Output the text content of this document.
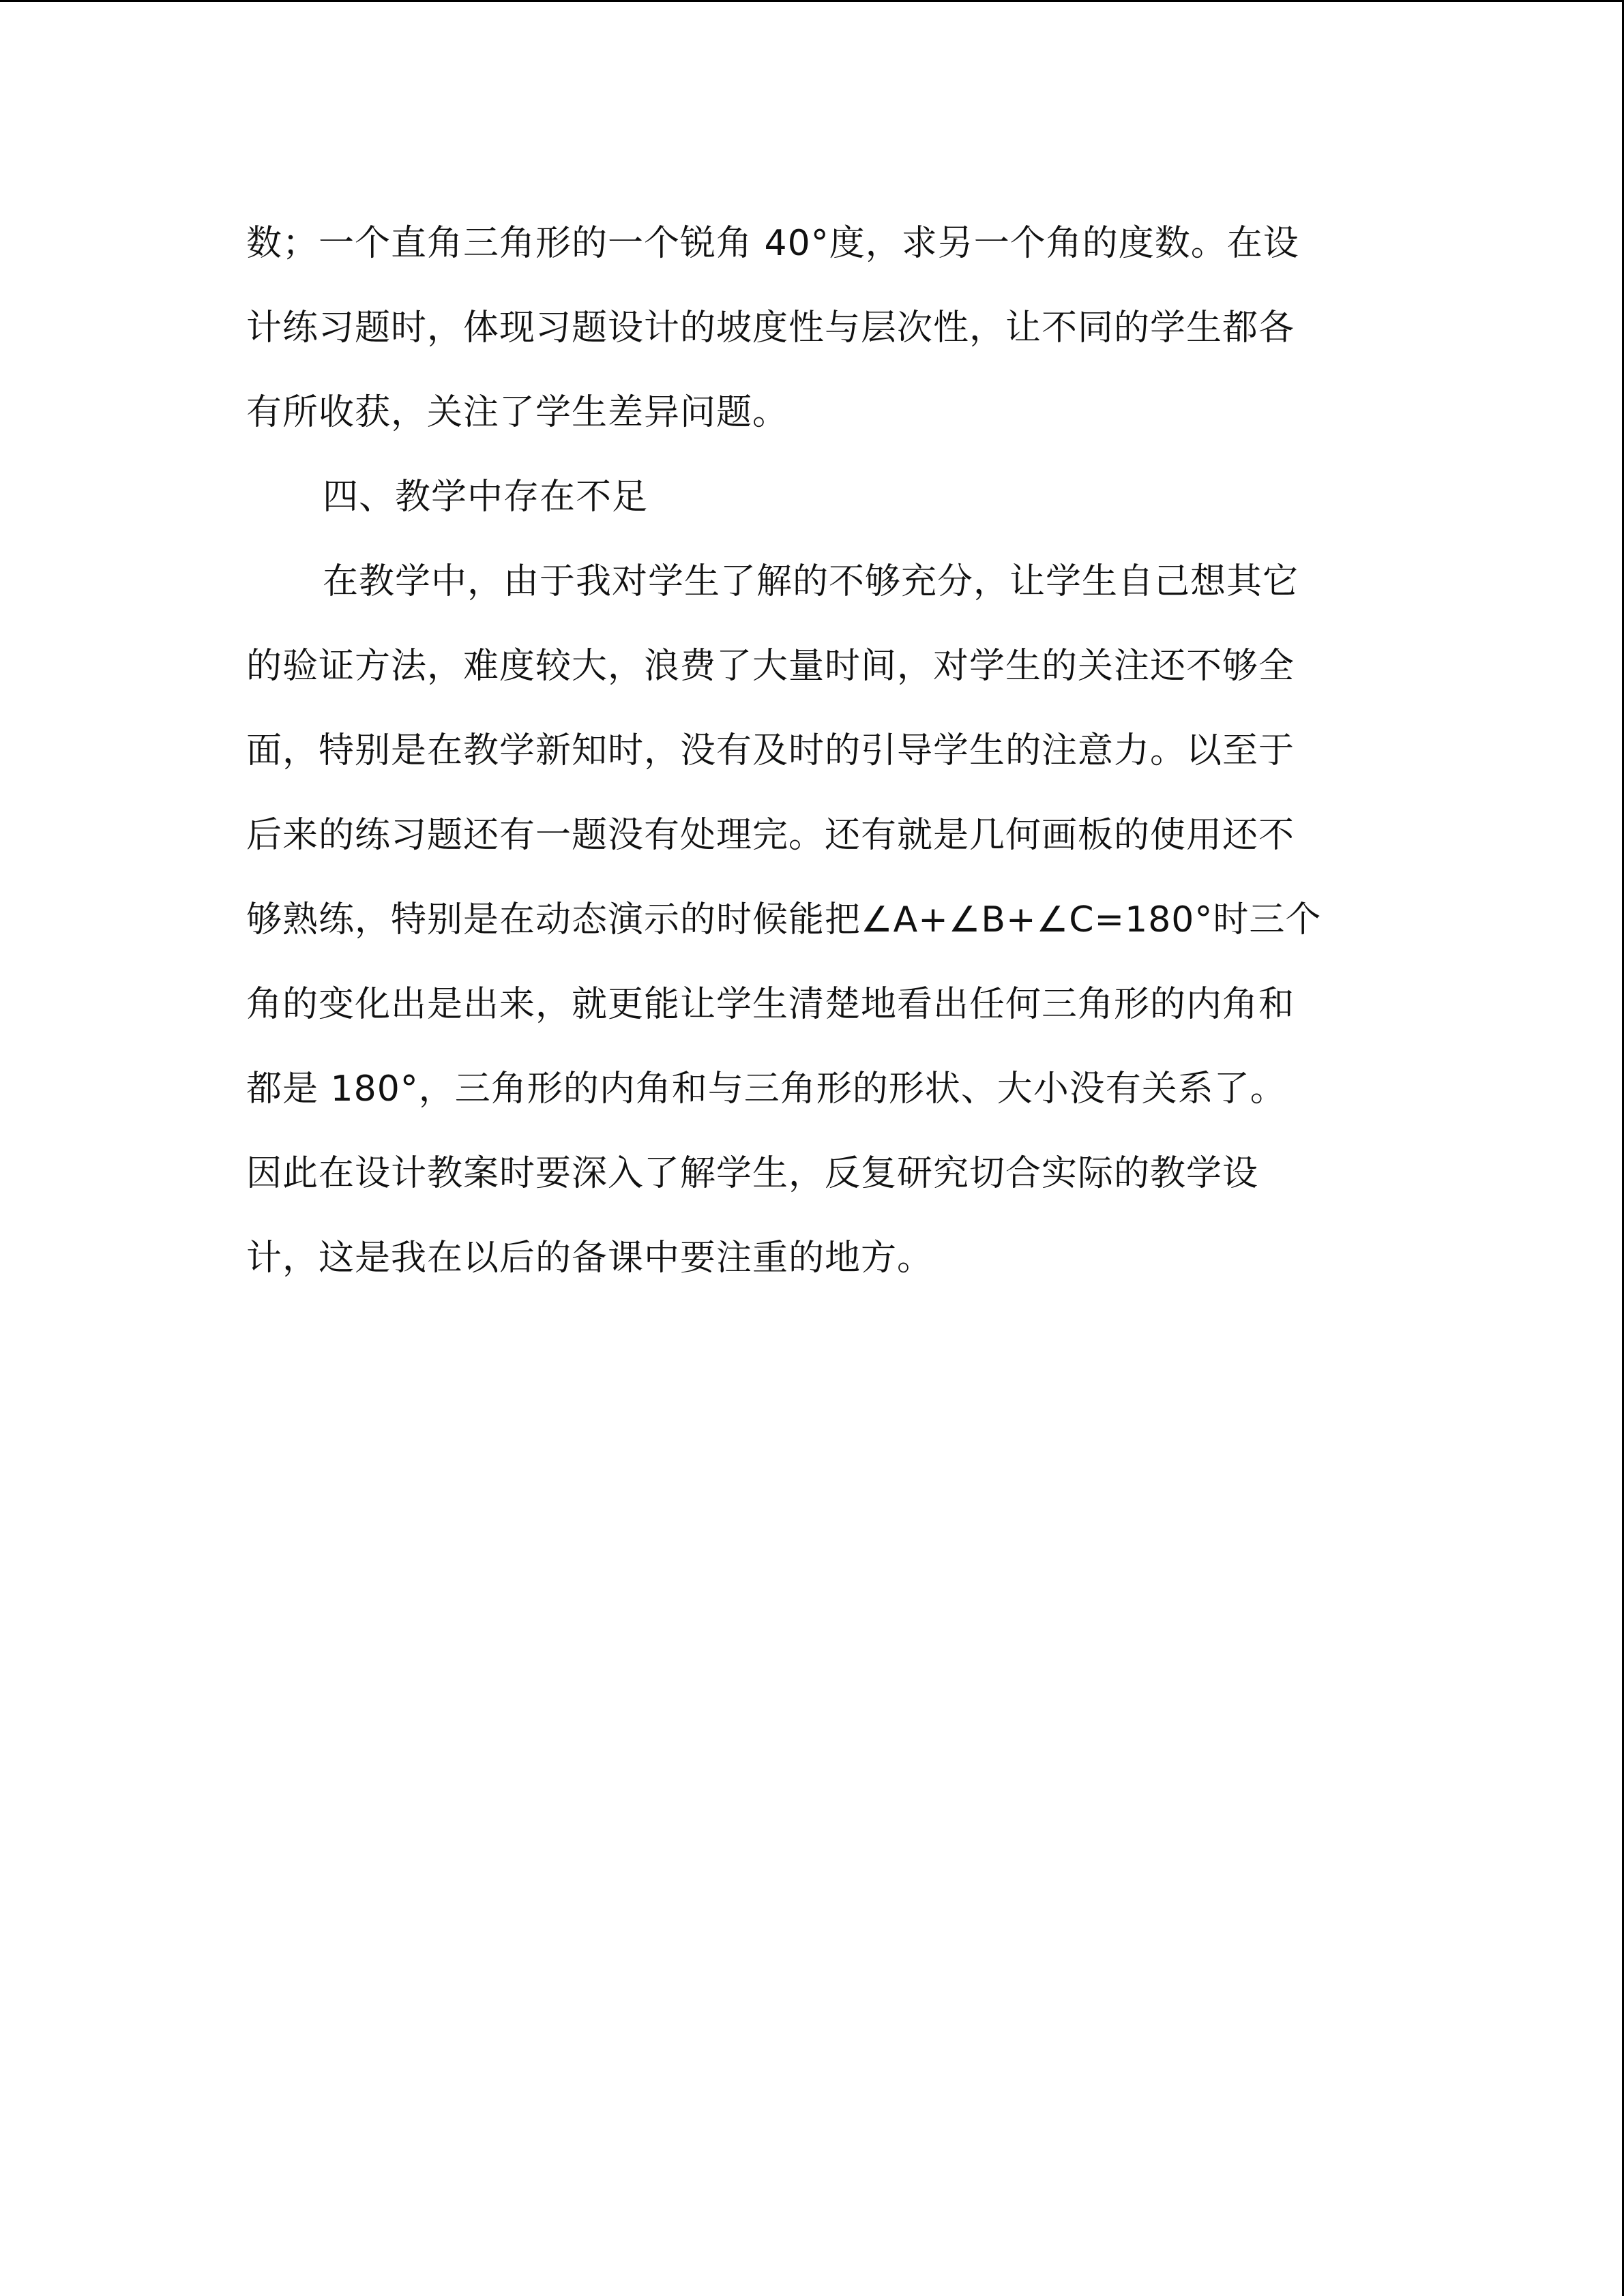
数；一个直角三角形的一个锐角 40°度，求另一个角的度数。在设
计练习题时，体现习题设计的坡度性与层次性，让不同的学生都各
有所收获，关注了学生差异问题。
四、教学中存在不足
在教学中，由于我对学生了解的不够充分，让学生自己想其它
的验证方法，难度较大，浪费了大量时间，对学生的关注还不够全
面，特别是在教学新知时，没有及时的引导学生的注意力。以至于
后来的练习题还有一题没有处理完。还有就是几何画板的使用还不
够熟练，特别是在动态演示的时候能把∠A+∠B+∠C=180°时三个
角的变化出是出来，就更能让学生清楚地看出任何三角形的内角和
都是 180°，三角形的内角和与三角形的形状、大小没有关系了。
因此在设计教案时要深入了解学生，反复研究切合实际的教学设
计，这是我在以后的备课中要注重的地方。
